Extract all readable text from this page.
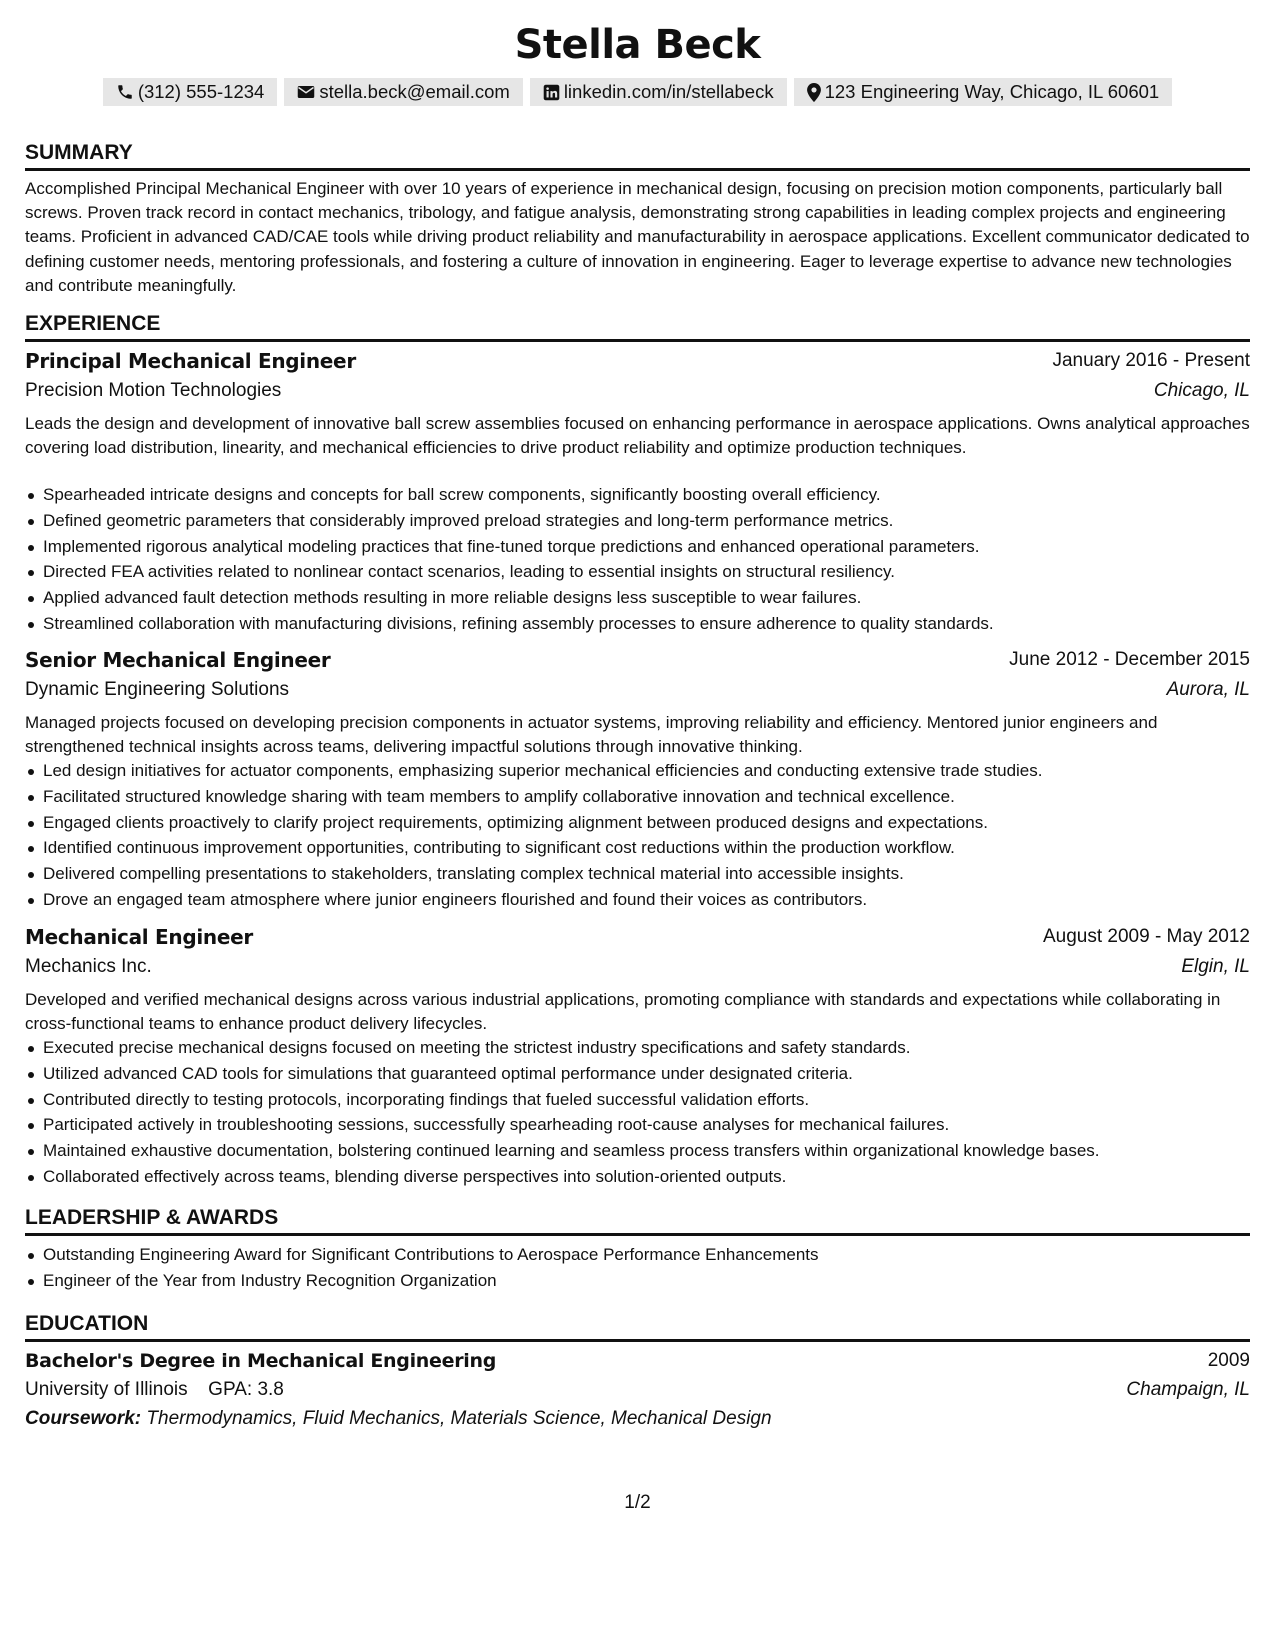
Stella Beck
(312) 555-1234	stella.beck@email.com	linkedin.com/in/stellabeck	123 Engineering Way, Chicago, IL 60601
SUMMARY
Accomplished Principal Mechanical Engineer with over 10 years of experience in mechanical design, focusing on precision motion components, particularly ball screws. Proven track record in contact mechanics, tribology, and fatigue analysis, demonstrating strong capabilities in leading complex projects and engineering teams. Proficient in advanced CAD/CAE tools while driving product reliability and manufacturability in aerospace applications. Excellent communicator dedicated to defining customer needs, mentoring professionals, and fostering a culture of innovation in engineering. Eager to leverage expertise to advance new technologies and contribute meaningfully.
EXPERIENCE
Principal Mechanical Engineer	January 2016 - Present
Precision Motion Technologies	Chicago, IL
Leads the design and development of innovative ball screw assemblies focused on enhancing performance in aerospace applications. Owns analytical approaches covering load distribution, linearity, and mechanical efficiencies to drive product reliability and optimize production techniques.
Spearheaded intricate designs and concepts for ball screw components, significantly boosting overall efficiency.
Defined geometric parameters that considerably improved preload strategies and long-term performance metrics.
Implemented rigorous analytical modeling practices that fine-tuned torque predictions and enhanced operational parameters.
Directed FEA activities related to nonlinear contact scenarios, leading to essential insights on structural resiliency.
Applied advanced fault detection methods resulting in more reliable designs less susceptible to wear failures.
Streamlined collaboration with manufacturing divisions, refining assembly processes to ensure adherence to quality standards.
Senior Mechanical Engineer	June 2012 - December 2015
Dynamic Engineering Solutions	Aurora, IL
Managed projects focused on developing precision components in actuator systems, improving reliability and efficiency. Mentored junior engineers and strengthened technical insights across teams, delivering impactful solutions through innovative thinking.
Led design initiatives for actuator components, emphasizing superior mechanical efficiencies and conducting extensive trade studies.
Facilitated structured knowledge sharing with team members to amplify collaborative innovation and technical excellence.
Engaged clients proactively to clarify project requirements, optimizing alignment between produced designs and expectations.
Identified continuous improvement opportunities, contributing to significant cost reductions within the production workflow.
Delivered compelling presentations to stakeholders, translating complex technical material into accessible insights.
Drove an engaged team atmosphere where junior engineers flourished and found their voices as contributors.
Mechanical Engineer	August 2009 - May 2012
Mechanics Inc.	Elgin, IL
Developed and verified mechanical designs across various industrial applications, promoting compliance with standards and expectations while collaborating in cross-functional teams to enhance product delivery lifecycles.
Executed precise mechanical designs focused on meeting the strictest industry specifications and safety standards.
Utilized advanced CAD tools for simulations that guaranteed optimal performance under designated criteria.
Contributed directly to testing protocols, incorporating findings that fueled successful validation efforts.
Participated actively in troubleshooting sessions, successfully spearheading root-cause analyses for mechanical failures.
Maintained exhaustive documentation, bolstering continued learning and seamless process transfers within organizational knowledge bases.
Collaborated effectively across teams, blending diverse perspectives into solution-oriented outputs.
LEADERSHIP & AWARDS
Outstanding Engineering Award for Significant Contributions to Aerospace Performance Enhancements
Engineer of the Year from Industry Recognition Organization
EDUCATION
Bachelor's Degree in Mechanical Engineering	2009
University of Illinois GPA: 3.8	Champaign, IL
Coursework: Thermodynamics, Fluid Mechanics, Materials Science, Mechanical Design
1/2
